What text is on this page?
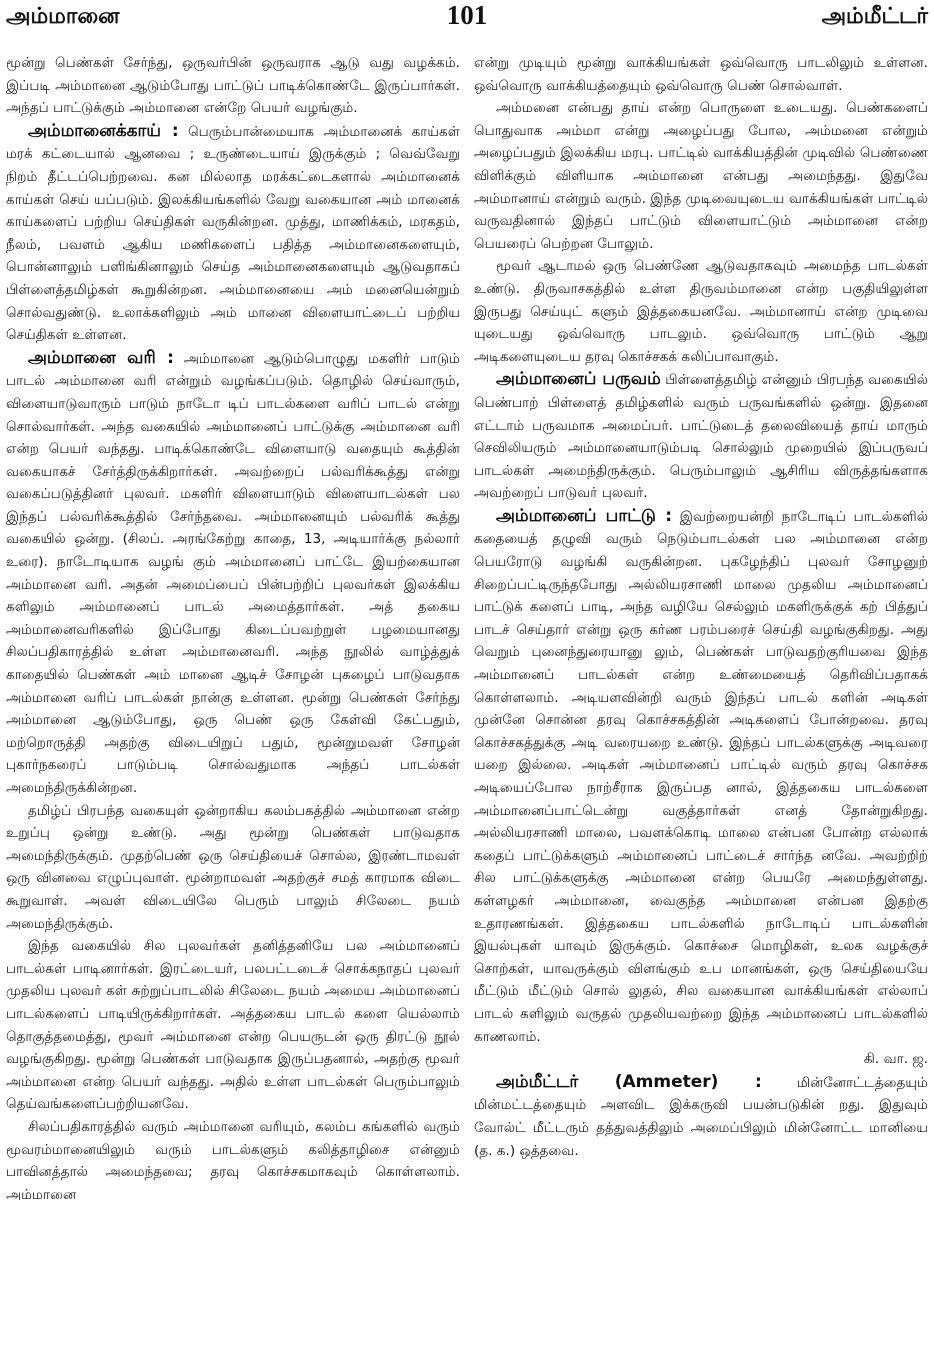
அம்மானை	101	அம்மீட்டர்

மூன்று பெண்கள் சேர்ந்து, ஒருவர்பின் ஒருவராக ஆடு வது வழக்கம். இப்படி அம்மானை ஆடும்போது பாட்டுப் பாடிக்கொண்டே இருப்பார்கள். அந்தப் பாட்டுக்கும் அம்மானை என்றே பெயர் வழங்கும்.

அம்மானைக்காய் : பெரும்பான்மையாக அம்மானைக் காய்கள் மரக் கட்டையால் ஆனவை ; உருண்டையாய் இருக்கும் ; வெவ்வேறு நிறம் தீட்டப்பெற்றவை. கன மில்லாத மரக்கட்டைகளால் அம்மானைக் காய்கள் செய் யப்படும். இலக்கியங்களில் வேறு வகையான அம் மானைக் காய்களைப் பற்றிய செய்திகள் வருகின்றன. முத்து, மாணிக்கம், மரகதம், நீலம், பவளம் ஆகிய மணிகளைப் பதித்த அம்மானைகளையும், பொன்னாலும் பளிங்கினாலும் செய்த அம்மானைகளையும் ஆடுவதாகப் பிள்ளைத்தமிழ்கள் கூறுகின்றன. அம்மானையை அம் மனையென்றும் சொல்வதுண்டு. உலாக்களிலும் அம் மானை விளையாட்டைப் பற்றிய செய்திகள் உள்ளன.

அம்மானை வரி : அம்மானை ஆடும்பொழுது மகளிர் பாடும் பாடல் அம்மானை வரி என்றும் வழங்கப்படும். தொழில் செய்வாரும், விளையாடுவாரும் பாடும் நாடோ டிப் பாடல்களை வரிப் பாடல் என்று சொல்வார்கள். அந்த வகையில் அம்மானைப் பாட்டுக்கு அம்மானை வரி என்ற பெயர் வந்தது. பாடிக்கொண்டே விளையாடு வதையும் கூத்தின் வகையாகச் சேர்த்திருக்கிறார்கள். அவற்றைப் பல்வரிக்கூத்து என்று வகைப்படுத்தினர் புலவர். மகளிர் விளையாடும் விளையாடல்கள் பல இந்தப் பல்வரிக்கூத்தில் சேர்ந்தவை. அம்மானையும் பல்வரிக் கூத்து வகையில் ஒன்று. (சிலப். அரங்கேற்று காதை, 13, அடியார்க்கு நல்லார் உரை). நாடோடியாக வழங் கும் அம்மானைப் பாட்டே இயற்கையான அம்மானை வரி. அதன் அமைப்பைப் பின்பற்றிப் புலவர்கள் இலக்கிய களிலும் அம்மானைப் பாடல் அமைத்தார்கள். அத் தகைய அம்மானைவரிகளில் இப்போது கிடைப்பவற்றுள் பழமையானது சிலப்பதிகாரத்தில் உள்ள அம்மானைவரி. அந்த நூலில் வாழ்த்துக் காதையில் பெண்கள் அம் மானை ஆடிச் சோழன் புகழைப் பாடுவதாக அம்மானை வரிப் பாடல்கள் நான்கு உள்ளன. மூன்று பெண்கள் சேர்ந்து அம்மானை ஆடும்போது, ஒரு பெண் ஒரு கேள்வி கேட்பதும், மற்றொருத்தி அதற்கு விடையிறுப் பதும், மூன்றுமவள் சோழன் புகார்நகரைப் பாடும்படி சொல்வதுமாக அந்தப் பாடல்கள் அமைந்திருக்கின்றன.

தமிழ்ப் பிரபந்த வகையுள் ஒன்றாகிய கலம்பகத்தில் அம்மானை என்ற உறுப்பு ஒன்று உண்டு. அது மூன்று பெண்கள் பாடுவதாக அமைந்திருக்கும். முதற்பெண் ஒரு செய்தியைச் சொல்ல, இரண்டாமவள் ஒரு வினவை எழுப்புவாள். மூன்றாமவள் அதற்குச் சமத் காரமாக விடை கூறுவாள். அவள் விடையிலே பெரும் பாலும் சிலேடை நயம் அமைந்திருக்கும்.

இந்த வகையில் சில புலவர்கள் தனித்தனியே பல அம்மானைப் பாடல்கள் பாடினார்கள். இரட்டையர், பலபட்டடைச் சொக்கநாதப் புலவர் முதலிய புலவர் கள் சுற்றுப்பாடலில் சிலேடை நயம் அமைய அம்மானைப் பாடல்களைப் பாடியிருக்கிறார்கள். அத்தகைய பாடல் களை யெல்லாம் தொகுத்தமைத்து, மூவர் அம்மானை என்ற பெயருடன் ஒரு திரட்டு நூல் வழங்குகிறது. மூன்று பெண்கள் பாடுவதாக இருப்பதனால், அதற்கு மூவர் அம்மானை என்ற பெயர் வந்தது. அதில் உள்ள பாடல்கள் பெரும்பாலும் தெய்வங்களைப்பற்றியனவே.

சிலப்பதிகாரத்தில் வரும் அம்மானை வரியும், கலம்ப கங்களில் வரும் மூவரம்மானையிலும் வரும் பாடல்களும் கலித்தாழிசை என்னும் பாவினத்தால் அமைந்தவை; தரவு கொச்சகமாகவும் கொள்ளலாம். அம்மானை

என்று முடியும் மூன்று வாக்கியங்கள் ஒவ்வொரு பாடலிலும் உள்ளன. ஒவ்வொரு வாக்கியத்தையும் ஒவ்வொரு பெண் சொல்வாள்.

அம்மனை என்பது தாய் என்ற பொருளை உடையது. பெண்களைப் பொதுவாக அம்மா என்று அழைப்பது போல, அம்மனை என்றும் அழைப்பதும் இலக்கிய மரபு. பாட்டில் வாக்கியத்தின் முடிவில் பெண்ணை விளிக்கும் விளியாக அம்மானை என்பது அமைந்தது. இதுவே அம்மானாய் என்றும் வரும். இந்த முடிவையுடைய வாக்கியங்கள் பாட்டில் வருவதினால் இந்தப் பாட்டும் விளையாட்டும் அம்மானை என்ற பெயரைப் பெற்றன போலும்.

மூவர் ஆடாமல் ஒரு பெண்ணே ஆடுவதாகவும் அமைந்த பாடல்கள் உண்டு. திருவாசகத்தில் உள்ள திருவம்மானை என்ற பகுதியிலுள்ள இருபது செய்யுட் களும் இத்தகையனவே. அம்மானாய் என்ற முடிவை யுடையது ஒவ்வொரு பாடலும். ஒவ்வொரு பாட்டும் ஆறு அடிகளையுடைய தரவு கொச்சகக் கலிப்பாவாகும்.

அம்மானைப் பருவம் பிள்ளைத்தமிழ் என்னும் பிரபந்த வகையில் பெண்பாற் பிள்ளைத் தமிழ்களில் வரும் பருவங்களில் ஒன்று. இதனை எட்டாம் பருவமாக அமைப்பர். பாட்டுடைத் தலைவியைத் தாய் மாரும் செவிலியரும் அம்மானையாடும்படி சொல்லும் முறையில் இப்பருவப் பாடல்கள் அமைந்திருக்கும். பெரும்பாலும் ஆசிரிய விருத்தங்களாக அவற்றைப் பாடுவர் புலவர்.

அம்மானைப் பாட்டு : இவற்றையன்றி நாடோடிப் பாடல்களில் கதையைத் தழுவி வரும் நெடும்பாடல்கள் பல அம்மானை என்ற பெயரோடு வழங்கி வருகின்றன. புகழேந்திப் புலவர் சோழனுற் சிறைப்பட்டிருந்தபோது அல்லியரசாணி மாலை முதலிய அம்மானைப் பாட்டுக் களைப் பாடி, அந்த வழியே செல்லும் மகளிருக்குக் கற் பித்துப் பாடச் செய்தார் என்று ஒரு கர்ண பரம்பரைச் செய்தி வழங்குகிறது. அது வெறும் புனைந்துரையானு லும், பெண்கள் பாடுவதற்குரியவை இந்த அம்மானைப் பாடல்கள் என்ற உண்மையைத் தெரிவிப்பதாகக் கொள்ளலாம். அடியளவின்றி வரும் இந்தப் பாடல் களின் அடிகள் முன்னே சொன்ன தரவு கொச்சகத்தின் அடிகளைப் போன்றவை. தரவு கொச்சகத்துக்கு அடி வரையறை உண்டு. இந்தப் பாடல்களுக்கு அடிவரை யறை இல்லை. அடிகள் அம்மானைப் பாட்டில் வரும் தரவு கொச்சக அடியைப்போல நாற்சீராக இருப்பத னால், இத்தகைய பாடல்களை அம்மானைப்பாட்டென்று வகுத்தார்கள் எனத் தோன்றுகிறது. அல்லியரசாணி மாலை, பவளக்கொடி மாலை என்பன போன்ற எல்லாக் கதைப் பாட்டுக்களும் அம்மானைப் பாட்டைச் சார்ந்த னவே. அவற்றிற் சில பாட்டுக்களுக்கு அம்மானை என்ற பெயரே அமைந்துள்ளது. கள்ளழகர் அம்மானை, வைகுந்த அம்மானை என்பன இதற்கு உதாரணங்கள். இத்தகைய பாடல்களில் நாடோடிப் பாடல்களின் இயல்புகள் யாவும் இருக்கும். கொச்சை மொழிகள், உலக வழக்குச் சொற்கள், யாவருக்கும் விளங்கும் உப மானங்கள், ஒரு செய்தியையே மீட்டும் மீட்டும் சொல் லுதல், சில வகையான வாக்கியங்கள் எல்லாப் பாடல் களிலும் வருதல் முதலியவற்றை இந்த அம்மானைப் பாடல்களில் காணலாம்.

கி. வா. ஜ.

அம்மீட்டர் (Ammeter) :	மின்னோட்டத்தையும் மின்மட்டத்தையும் அளவிட இக்கருவி பயன்படுகின் றது. இதுவும் வோல்ட் மீட்டரும் தத்துவத்திலும் அமைப்பிலும் மின்னோட்ட மானியை (த. க.) ஒத்தவை.
